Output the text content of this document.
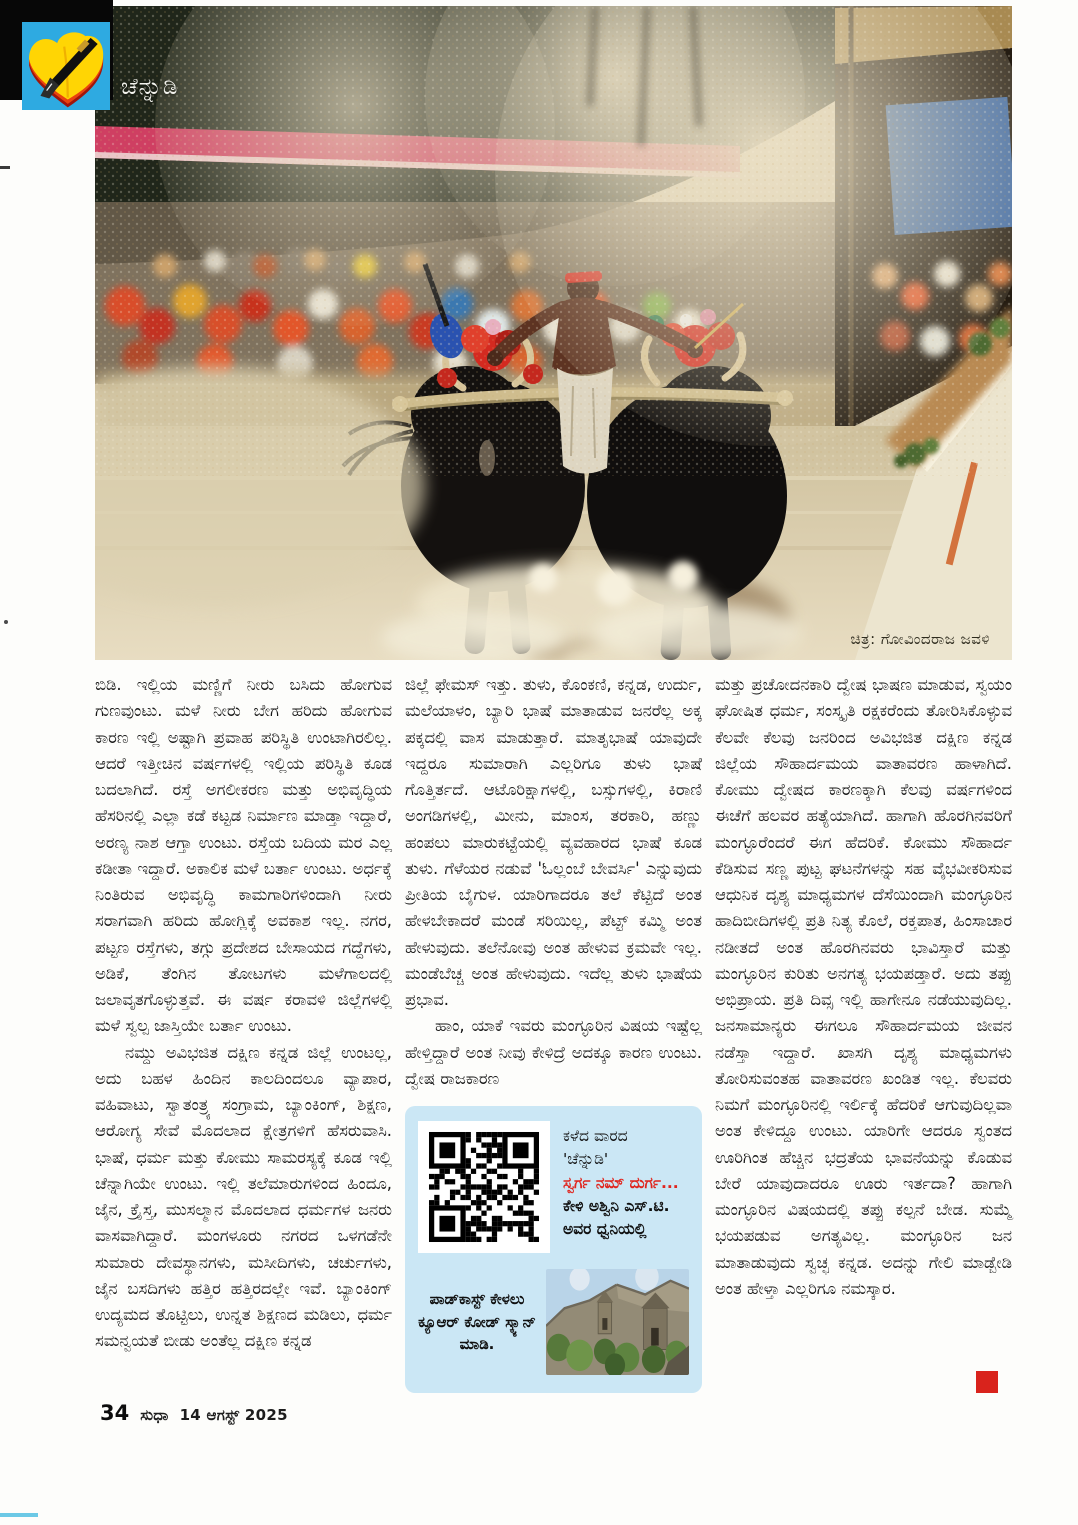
ಚಿತ್ರ: ಗೋವಿಂದರಾಜ ಜವಳಿ
ಚೆನ್ನುಡಿ

ಬಿಡಿ. ಇಲ್ಲಿಯ ಮಣ್ಣಿಗೆ ನೀರು ಬಸಿದು ಹೋಗುವ ಗುಣವುಂಟು. ಮಳೆ ನೀರು ಬೇಗ ಹರಿದು ಹೋಗುವ ಕಾರಣ ಇಲ್ಲಿ ಅಷ್ಟಾಗಿ ಪ್ರವಾಹ ಪರಿಸ್ಥಿತಿ ಉಂಟಾಗಿರಲಿಲ್ಲ. ಆದರೆ ಇತ್ತೀಚಿನ ವರ್ಷಗಳಲ್ಲಿ ಇಲ್ಲಿಯ ಪರಿಸ್ಥಿತಿ ಕೂಡ ಬದಲಾಗಿದೆ. ರಸ್ತೆ ಅಗಲೀಕರಣ ಮತ್ತು ಅಭಿವೃದ್ಧಿಯ ಹೆಸರಿನಲ್ಲಿ ಎಲ್ಲಾ ಕಡೆ ಕಟ್ಟಡ ನಿರ್ಮಾಣ ಮಾಡ್ತಾ ಇದ್ದಾರೆ, ಅರಣ್ಯ ನಾಶ ಆಗ್ತಾ ಉಂಟು. ರಸ್ತೆಯ ಬದಿಯ ಮರ ಎಲ್ಲ ಕಡೀತಾ ಇದ್ದಾರೆ. ಅಕಾಲಿಕ ಮಳೆ ಬರ್ತಾ ಉಂಟು. ಅರ್ಧಕ್ಕೆ ನಿಂತಿರುವ ಅಭಿವೃದ್ಧಿ ಕಾಮಗಾರಿಗಳಿಂದಾಗಿ ನೀರು ಸರಾಗವಾಗಿ ಹರಿದು ಹೋಗ್ಲಿಕ್ಕೆ ಅವಕಾಶ ಇಲ್ಲ. ನಗರ, ಪಟ್ಟಣ ರಸ್ತೆಗಳು, ತಗ್ಗು ಪ್ರದೇಶದ ಬೇಸಾಯದ ಗದ್ದೆಗಳು, ಅಡಿಕೆ, ತೆಂಗಿನ ತೋಟಗಳು ಮಳೆಗಾಲದಲ್ಲಿ ಜಲಾವೃತಗೊಳ್ಳುತ್ತವೆ. ಈ ವರ್ಷ ಕರಾವಳಿ ಜಿಲ್ಲೆಗಳಲ್ಲಿ ಮಳೆ ಸ್ವಲ್ಪ ಜಾಸ್ತಿಯೇ ಬರ್ತಾ ಉಂಟು.

ನಮ್ದು ಅವಿಭಜಿತ ದಕ್ಷಿಣ ಕನ್ನಡ ಜಿಲ್ಲೆ ಉಂಟಲ್ಲ, ಅದು ಬಹಳ ಹಿಂದಿನ ಕಾಲದಿಂದಲೂ ವ್ಯಾಪಾರ, ವಹಿವಾಟು, ಸ್ವಾತಂತ್ರ್ಯ ಸಂಗ್ರಾಮ, ಬ್ಯಾಂಕಿಂಗ್, ಶಿಕ್ಷಣ, ಆರೋಗ್ಯ ಸೇವೆ ಮೊದಲಾದ ಕ್ಷೇತ್ರಗಳಿಗೆ ಹೆಸರುವಾಸಿ. ಭಾಷೆ, ಧರ್ಮ ಮತ್ತು ಕೋಮು ಸಾಮರಸ್ಯಕ್ಕೆ ಕೂಡ ಇಲ್ಲಿ ಚೆನ್ನಾಗಿಯೇ ಉಂಟು. ಇಲ್ಲಿ ತಲೆಮಾರುಗಳಿಂದ ಹಿಂದೂ, ಜೈನ, ಕ್ರೈಸ್ತ, ಮುಸಲ್ಮಾನ ಮೊದಲಾದ ಧರ್ಮಗಳ ಜನರು ವಾಸವಾಗಿದ್ದಾರೆ. ಮಂಗಳೂರು ನಗರದ ಒಳಗಡೆನೇ ಸುಮಾರು ದೇವಸ್ಥಾನಗಳು, ಮಸೀದಿಗಳು, ಚರ್ಚುಗಳು, ಜೈನ ಬಸದಿಗಳು ಹತ್ತಿರ ಹತ್ತಿರದಲ್ಲೇ ಇವೆ. ಬ್ಯಾಂಕಿಂಗ್ ಉದ್ಯಮದ ತೊಟ್ಟಿಲು, ಉನ್ನತ ಶಿಕ್ಷಣದ ಮಡಿಲು, ಧರ್ಮ ಸಮನ್ವಯತೆ ಬೀಡು ಅಂತೆಲ್ಲ ದಕ್ಷಿಣ ಕನ್ನಡ

ಜಿಲ್ಲೆ ಫೇಮಸ್ ಇತ್ತು. ತುಳು, ಕೊಂಕಣಿ, ಕನ್ನಡ, ಉರ್ದು, ಮಲೆಯಾಳಂ, ಬ್ಯಾರಿ ಭಾಷೆ ಮಾತಾಡುವ ಜನರೆಲ್ಲ ಅಕ್ಕ ಪಕ್ಕದಲ್ಲಿ ವಾಸ ಮಾಡುತ್ತಾರೆ. ಮಾತೃಭಾಷೆ ಯಾವುದೇ ಇದ್ದರೂ ಸುಮಾರಾಗಿ ಎಲ್ಲರಿಗೂ ತುಳು ಭಾಷೆ ಗೊತ್ತಿರ್ತದೆ. ಆಟೊರಿಕ್ಷಾಗಳಲ್ಲಿ, ಬಸ್ಸುಗಳಲ್ಲಿ, ಕಿರಾಣಿ ಅಂಗಡಿಗಳಲ್ಲಿ, ಮೀನು, ಮಾಂಸ, ತರಕಾರಿ, ಹಣ್ಣು ಹಂಪಲು ಮಾರುಕಟ್ಟೆಯಲ್ಲಿ ವ್ಯವಹಾರದ ಭಾಷೆ ಕೂಡ ತುಳು. ಗೆಳೆಯರ ನಡುವೆ 'ಓಲ್ಲಂಬೆ ಬೇವರ್ಸಿ' ಎನ್ನುವುದು ಪ್ರೀತಿಯ ಬೈಗುಳ. ಯಾರಿಗಾದರೂ ತಲೆ ಕೆಟ್ಟಿದೆ ಅಂತ ಹೇಳಬೇಕಾದರೆ ಮಂಡೆ ಸರಿಯಿಲ್ಲ, ಪೆಟ್ಟ್ ಕಮ್ಮಿ ಅಂತ ಹೇಳುವುದು. ತಲೆನೋವು ಅಂತ ಹೇಳುವ ಕ್ರಮವೇ ಇಲ್ಲ. ಮಂಡೆಬೆಚ್ಚ ಅಂತ ಹೇಳುವುದು. ಇದೆಲ್ಲ ತುಳು ಭಾಷೆಯ ಪ್ರಭಾವ.

ಹಾಂ, ಯಾಕೆ ಇವರು ಮಂಗ್ಳೂರಿನ ವಿಷಯ ಇಷ್ಟೆಲ್ಲ ಹೇಳ್ತಿದ್ದಾರೆ ಅಂತ ನೀವು ಕೇಳಿದ್ರೆ ಅದಕ್ಕೂ ಕಾರಣ ಉಂಟು. ದ್ವೇಷ ರಾಜಕಾರಣ

ಕಳೆದ ವಾರದ
'ಚೆನ್ನುಡಿ'
ಸ್ವರ್ಗ ನಮ್ ದುರ್ಗ...
ಕೇಳಿ ಅಶ್ವಿನಿ ಎಸ್.ಟಿ.
ಅವರ ಧ್ವನಿಯಲ್ಲಿ
ಪಾಡ್‌ಕಾಸ್ಟ್ ಕೇಳಲು ಕ್ಯೂಆರ್ ಕೋಡ್ ಸ್ಕ್ಯಾನ್ ಮಾಡಿ.

ಮತ್ತು ಪ್ರಚೋದನಕಾರಿ ದ್ವೇಷ ಭಾಷಣ ಮಾಡುವ, ಸ್ವಯಂ ಘೋಷಿತ ಧರ್ಮ, ಸಂಸ್ಕೃತಿ ರಕ್ಷಕರೆಂದು ತೋರಿಸಿಕೊಳ್ಳುವ ಕೆಲವೇ ಕೆಲವು ಜನರಿಂದ ಅವಿಭಜಿತ ದಕ್ಷಿಣ ಕನ್ನಡ ಜಿಲ್ಲೆಯ ಸೌಹಾರ್ದಮಯ ವಾತಾವರಣ ಹಾಳಾಗಿದೆ. ಕೋಮು ದ್ವೇಷದ ಕಾರಣಕ್ಕಾಗಿ ಕೆಲವು ವರ್ಷಗಳಿಂದ ಈಚೆಗೆ ಹಲವರ ಹತ್ಯೆಯಾಗಿದೆ. ಹಾಗಾಗಿ ಹೊರಗಿನವರಿಗೆ ಮಂಗ್ಳೂರೆಂದರೆ ಈಗ ಹೆದರಿಕೆ. ಕೋಮು ಸೌಹಾರ್ದ ಕೆಡಿಸುವ ಸಣ್ಣ ಪುಟ್ಟ ಘಟನೆಗಳನ್ನು ಸಹ ವೈಭವೀಕರಿಸುವ ಆಧುನಿಕ ದೃಶ್ಯ ಮಾಧ್ಯಮಗಳ ದೆಸೆಯಿಂದಾಗಿ ಮಂಗ್ಳೂರಿನ ಹಾದಿಬೀದಿಗಳಲ್ಲಿ ಪ್ರತಿ ನಿತ್ಯ ಕೊಲೆ, ರಕ್ತಪಾತ, ಹಿಂಸಾಚಾರ ನಡೀತದೆ ಅಂತ ಹೊರಗಿನವರು ಭಾವಿಸ್ತಾರೆ ಮತ್ತು ಮಂಗ್ಳೂರಿನ ಕುರಿತು ಅನಗತ್ಯ ಭಯಪಡ್ತಾರೆ. ಅದು ತಪ್ಪು ಅಭಿಪ್ರಾಯ. ಪ್ರತಿ ದಿವ್ಸ ಇಲ್ಲಿ ಹಾಗೇನೂ ನಡೆಯುವುದಿಲ್ಲ. ಜನಸಾಮಾನ್ಯರು ಈಗಲೂ ಸೌಹಾರ್ದಮಯ ಜೀವನ ನಡೆಸ್ತಾ ಇದ್ದಾರೆ. ಖಾಸಗಿ ದೃಶ್ಯ ಮಾಧ್ಯಮಗಳು ತೋರಿಸುವಂತಹ ವಾತಾವರಣ ಖಂಡಿತ ಇಲ್ಲ. ಕೆಲವರು ನಿಮಗೆ ಮಂಗ್ಳೂರಿನಲ್ಲಿ ಇರ್ಲಿಕ್ಕೆ ಹೆದರಿಕೆ ಆಗುವುದಿಲ್ಲವಾ ಅಂತ ಕೇಳಿದ್ದೂ ಉಂಟು. ಯಾರಿಗೇ ಆದರೂ ಸ್ವಂತದ ಊರಿಗಿಂತ ಹೆಚ್ಚಿನ ಭದ್ರತೆಯ ಭಾವನೆಯನ್ನು ಕೊಡುವ ಬೇರೆ ಯಾವುದಾದರೂ ಊರು ಇರ್ತದಾ? ಹಾಗಾಗಿ ಮಂಗ್ಳೂರಿನ ವಿಷಯದಲ್ಲಿ ತಪ್ಪು ಕಲ್ಪನೆ ಬೇಡ. ಸುಮ್ಮೆ ಭಯಪಡುವ ಅಗತ್ಯವಿಲ್ಲ. ಮಂಗ್ಳೂರಿನ ಜನ ಮಾತಾಡುವುದು ಸ್ವಚ್ಛ ಕನ್ನಡ. ಅದನ್ನು ಗೇಲಿ ಮಾಡ್ಬೇಡಿ ಅಂತ ಹೇಳ್ತಾ ಎಲ್ಲರಿಗೂ ನಮಸ್ಕಾರ.

34 ಸುಧಾ 14 ಆಗಸ್ಟ್ 2025
